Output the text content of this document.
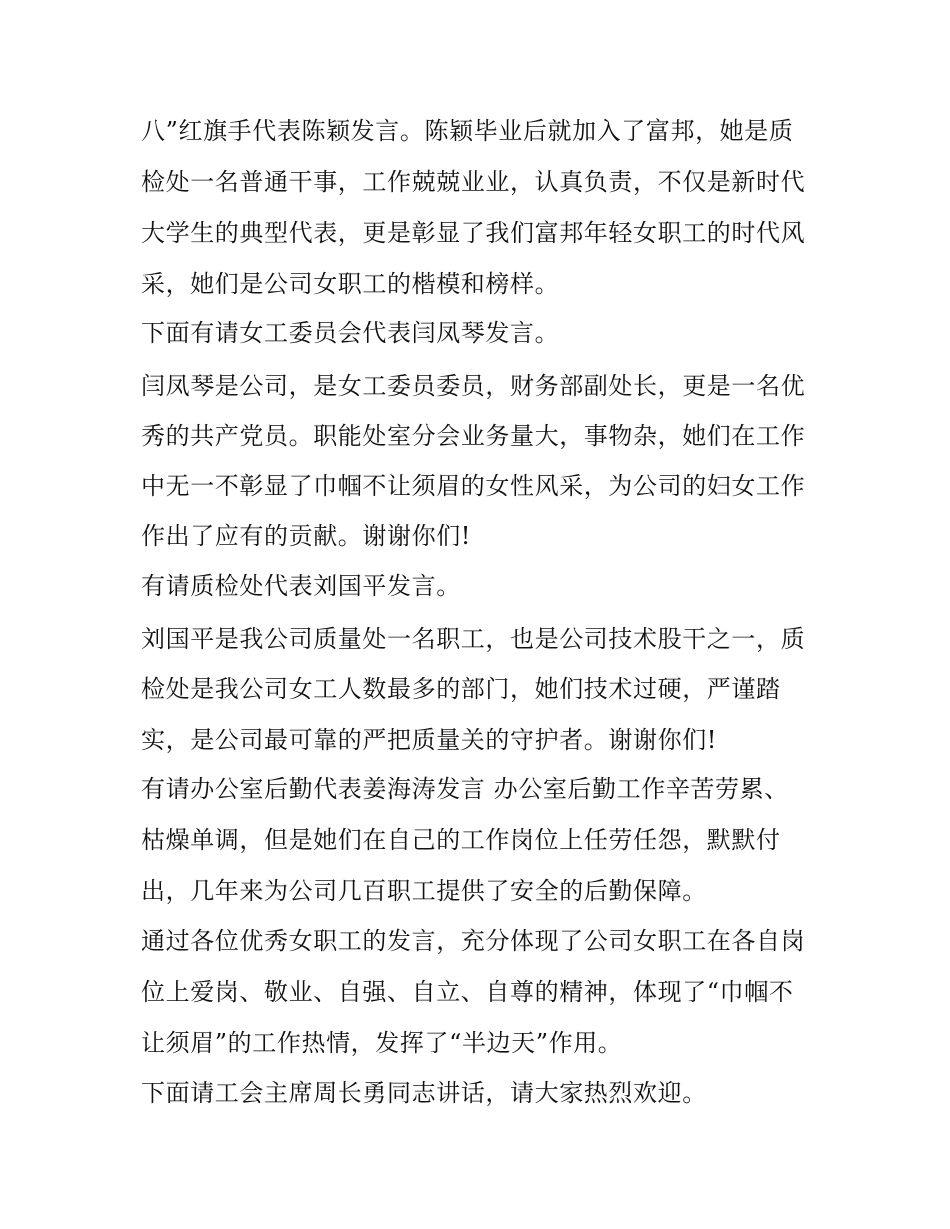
八”红旗手代表陈颖发言。陈颖毕业后就加入了富邦，她是质
检处一名普通干事，工作兢兢业业，认真负责，不仅是新时代
大学生的典型代表，更是彰显了我们富邦年轻女职工的时代风
采，她们是公司女职工的楷模和榜样。
下面有请女工委员会代表闫凤琴发言。
闫凤琴是公司，是女工委员委员，财务部副处长，更是一名优
秀的共产党员。职能处室分会业务量大，事物杂，她们在工作
中无一不彰显了巾帼不让须眉的女性风采，为公司的妇女工作
作出了应有的贡献。谢谢你们!
有请质检处代表刘国平发言。
刘国平是我公司质量处一名职工，也是公司技术股干之一，质
检处是我公司女工人数最多的部门，她们技术过硬，严谨踏
实，是公司最可靠的严把质量关的守护者。谢谢你们!
有请办公室后勤代表姜海涛发言 办公室后勤工作辛苦劳累、
枯燥单调，但是她们在自己的工作岗位上任劳任怨，默默付
出，几年来为公司几百职工提供了安全的后勤保障。
通过各位优秀女职工的发言，充分体现了公司女职工在各自岗
位上爱岗、敬业、自强、自立、自尊的精神，体现了“巾帼不
让须眉”的工作热情，发挥了“半边天”作用。
下面请工会主席周长勇同志讲话，请大家热烈欢迎。
